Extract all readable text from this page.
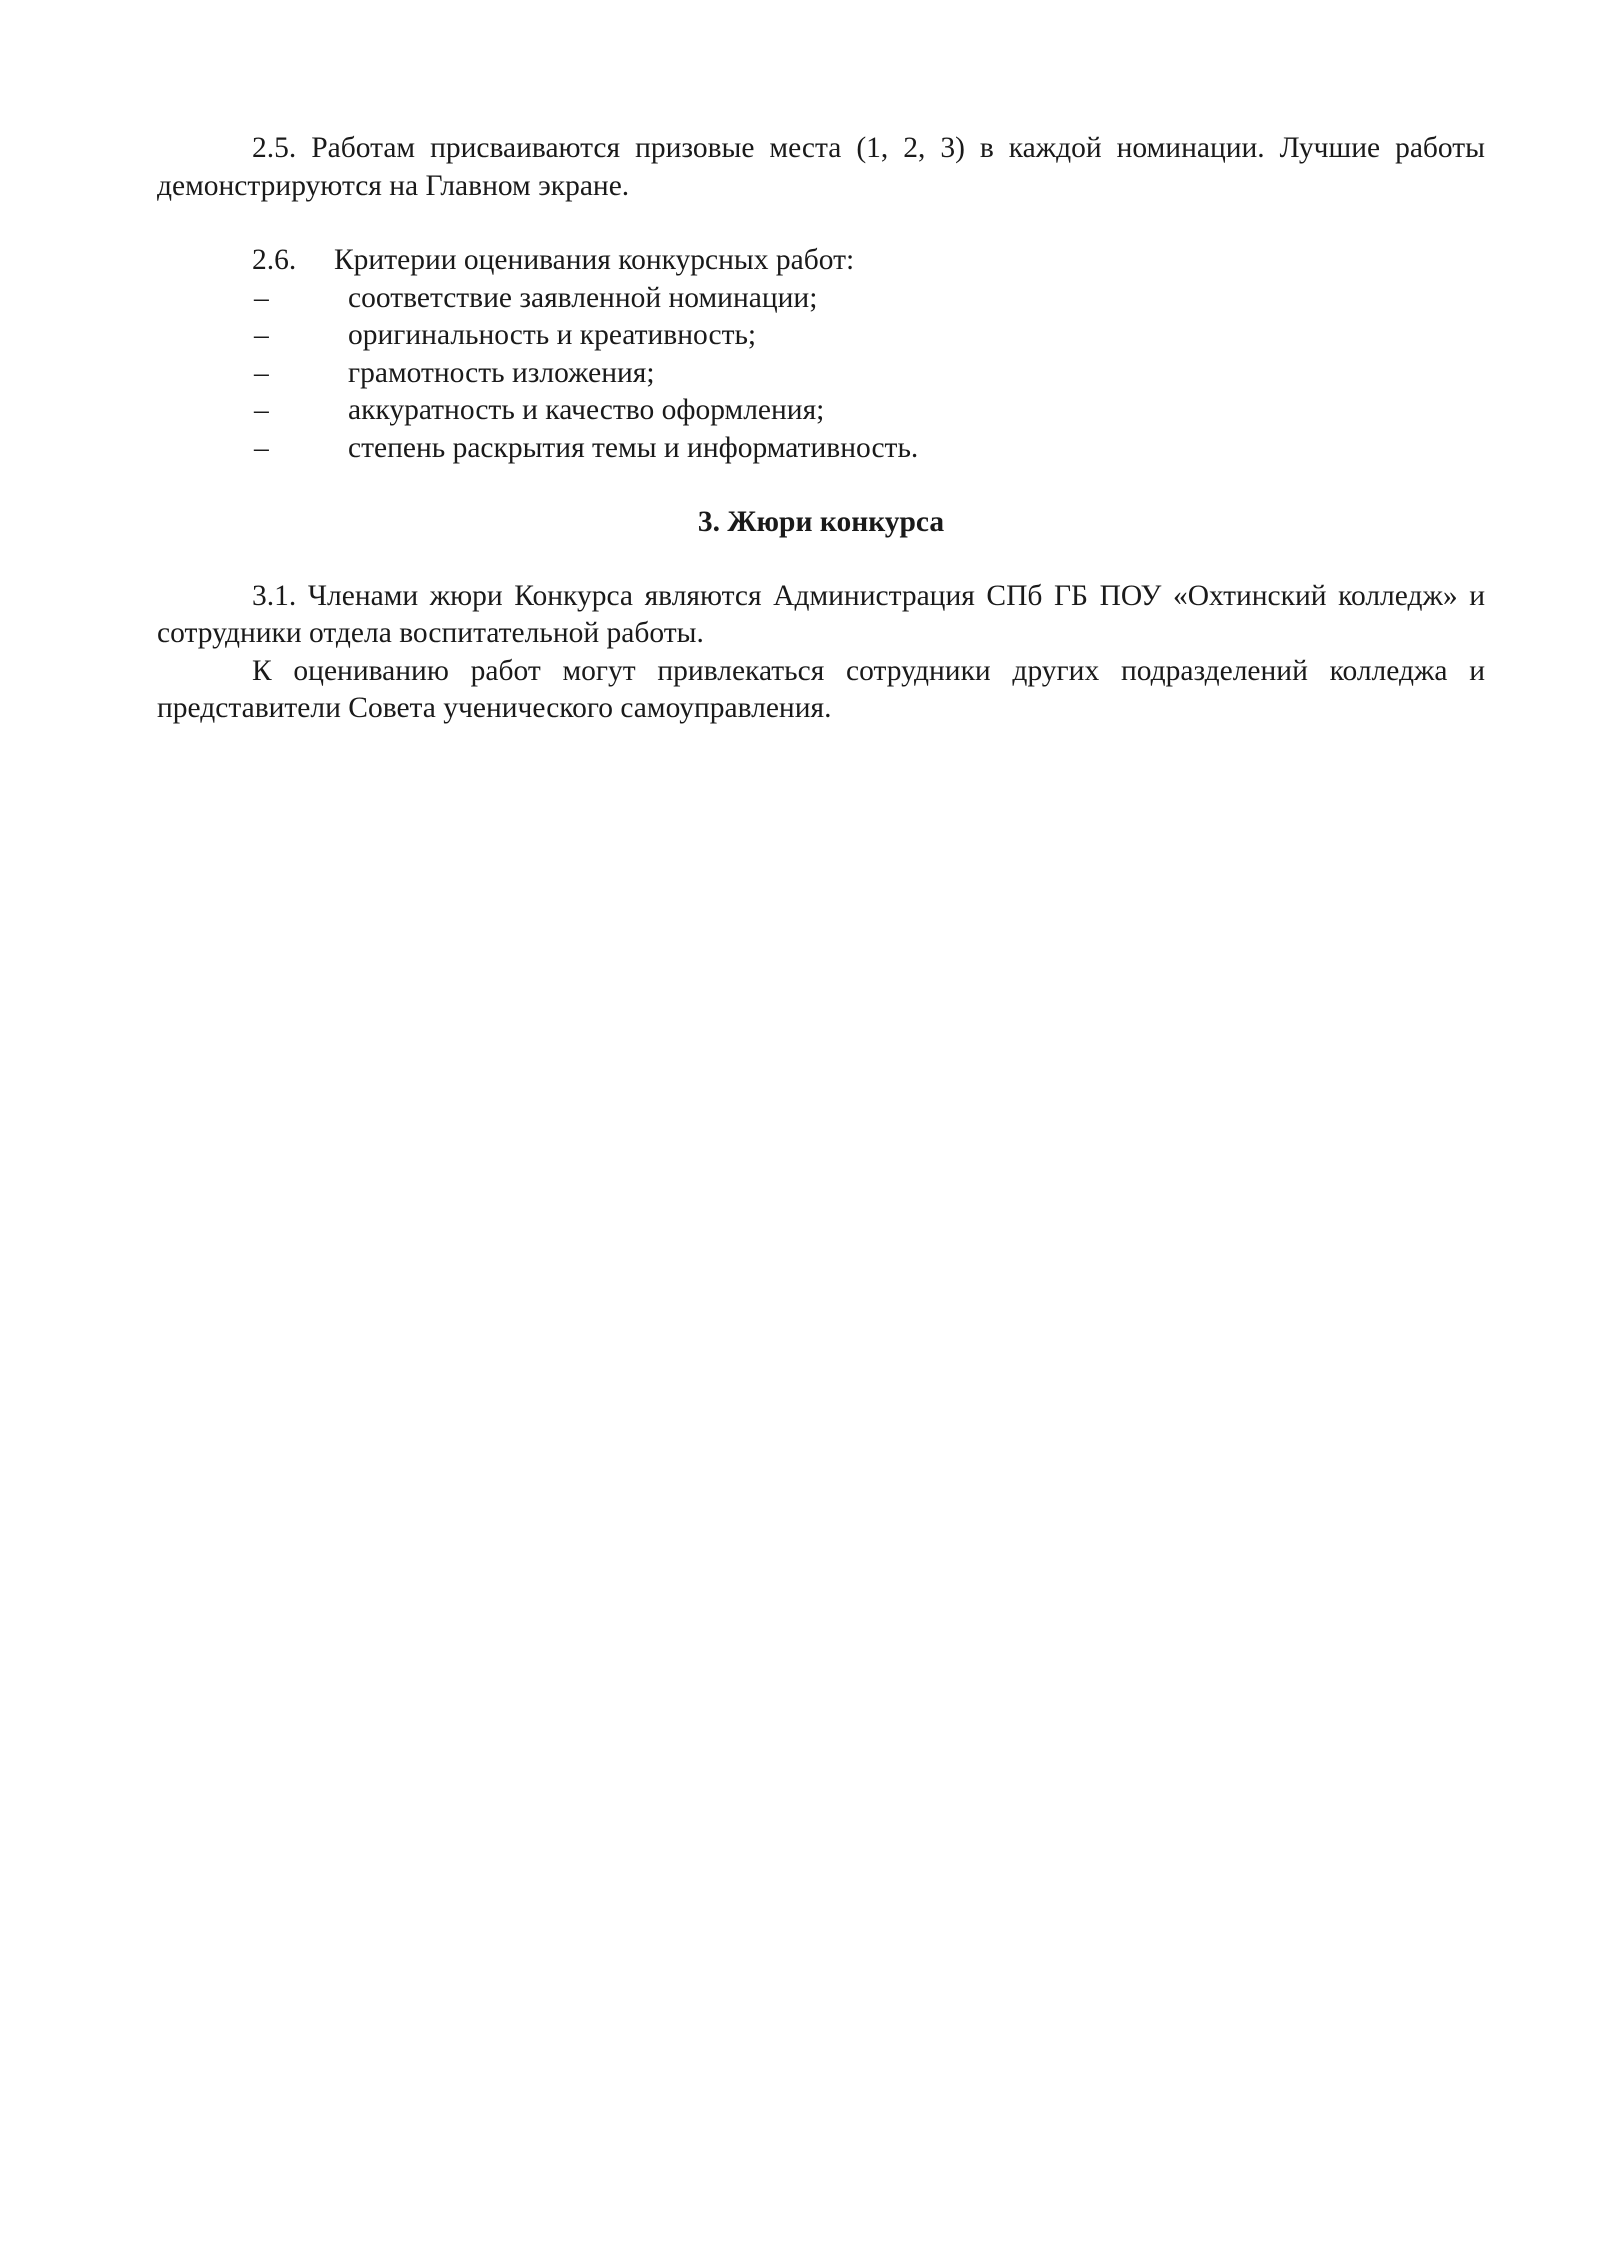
2.5. Работам присваиваются призовые места (1, 2, 3) в каждой номинации. Лучшие работы демонстрируются на Главном экране.

2.6. Критерии оценивания конкурсных работ:

–	соответствие заявленной номинации;
–	оригинальность и креативность;
–	грамотность изложения;
–	аккуратность и качество оформления;
–	степень раскрытия темы и информативность.
3. Жюри конкурса

3.1. Членами жюри Конкурса являются Администрация СПб ГБ ПОУ «Охтинский колледж» и сотрудники отдела воспитательной работы.

К оцениванию работ могут привлекаться сотрудники других подразделений колледжа и представители Совета ученического самоуправления.
